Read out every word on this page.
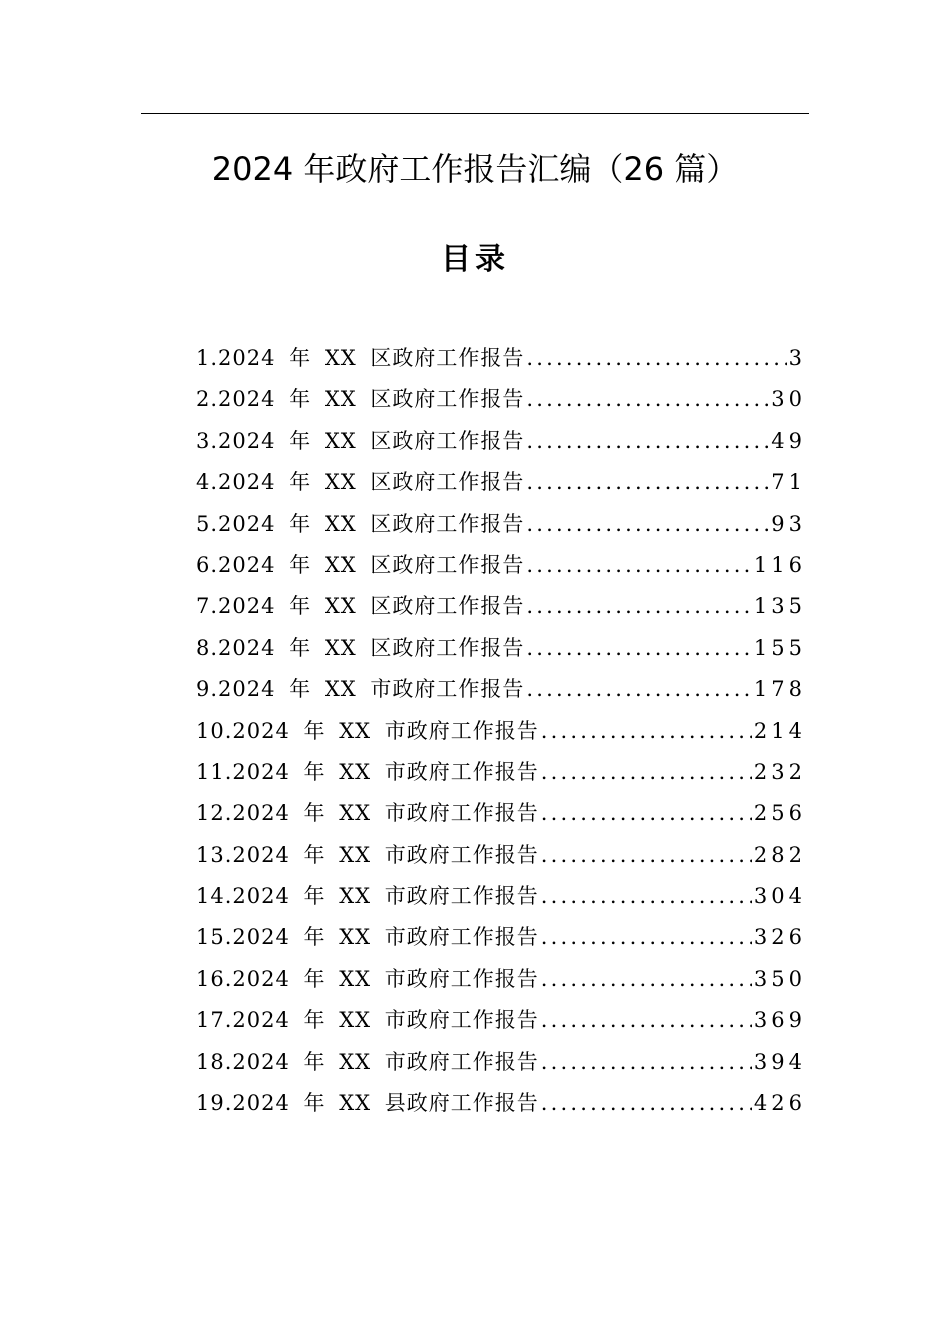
2024 年政府工作报告汇编（26 篇）
目录
1.2024 年 XX 区政府工作报告 .....	3
2.2024 年 XX 区政府工作报告 .....	30
3.2024 年 XX 区政府工作报告 .....	49
4.2024 年 XX 区政府工作报告 .....	71
5.2024 年 XX 区政府工作报告 .....	93
6.2024 年 XX 区政府工作报告 .....	116
7.2024 年 XX 区政府工作报告 .....	135
8.2024 年 XX 区政府工作报告 .....	155
9.2024 年 XX 市政府工作报告 .....	178
10.2024 年 XX 市政府工作报告 .....	214
11.2024 年 XX 市政府工作报告 .....	232
12.2024 年 XX 市政府工作报告 .....	256
13.2024 年 XX 市政府工作报告 .....	282
14.2024 年 XX 市政府工作报告 .....	304
15.2024 年 XX 市政府工作报告 .....	326
16.2024 年 XX 市政府工作报告 .....	350
17.2024 年 XX 市政府工作报告 .....	369
18.2024 年 XX 市政府工作报告 .....	394
19.2024 年 XX 县政府工作报告 .....	426
